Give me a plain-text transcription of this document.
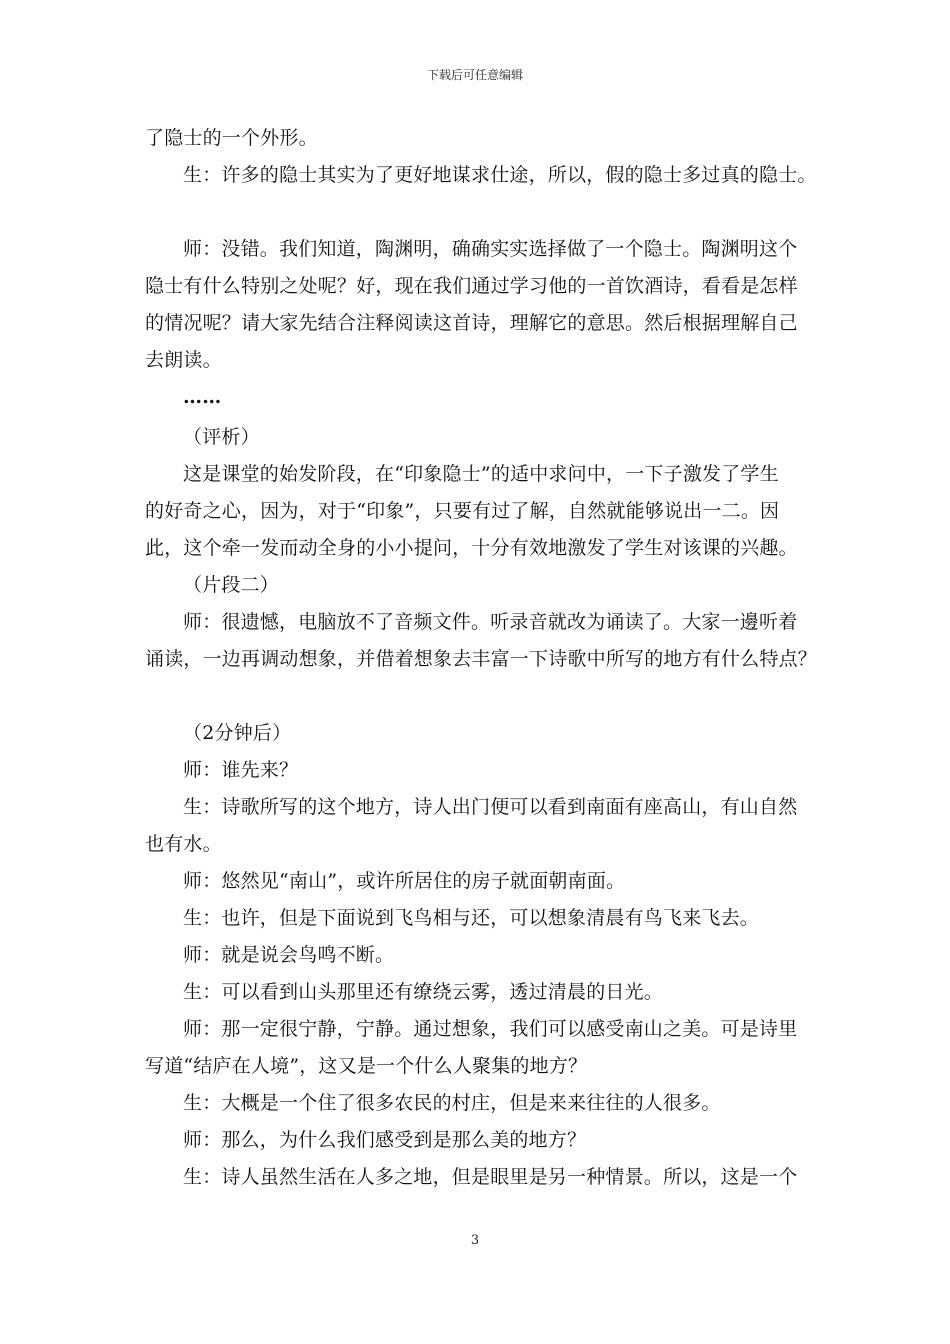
下载后可任意编辑
了隐士的一个外形。
生：许多的隐士其实为了更好地谋求仕途，所以，假的隐士多过真的隐士。
师：没错。我们知道，陶渊明，确确实实选择做了一个隐士。陶渊明这个
隐士有什么特别之处呢？好，现在我们通过学习他的一首饮酒诗，看看是怎样
的情况呢？请大家先结合注释阅读这首诗，理解它的意思。然后根据理解自己
去朗读。
……
（评析）
这是课堂的始发阶段，在“印象隐士”的适中求问中，一下子激发了学生
的好奇之心，因为，对于“印象”，只要有过了解，自然就能够说出一二。因
此，这个牵一发而动全身的小小提问，十分有效地激发了学生对该课的兴趣。
（片段二）
师：很遗憾，电脑放不了音频文件。听录音就改为诵读了。大家一邊听着
诵读，一边再调动想象，并借着想象去丰富一下诗歌中所写的地方有什么特点？
（2分钟后）
师：谁先来？
生：诗歌所写的这个地方，诗人出门便可以看到南面有座高山，有山自然
也有水。
师：悠然见“南山”，或许所居住的房子就面朝南面。
生：也许，但是下面说到飞鸟相与还，可以想象清晨有鸟飞来飞去。
师：就是说会鸟鸣不断。
生：可以看到山头那里还有缭绕云雾，透过清晨的日光。
师：那一定很宁静，宁静。通过想象，我们可以感受南山之美。可是诗里
写道“结庐在人境”，这又是一个什么人聚集的地方？
生：大概是一个住了很多农民的村庄，但是来来往往的人很多。
师：那么，为什么我们感受到是那么美的地方？
生：诗人虽然生活在人多之地，但是眼里是另一种情景。所以，这是一个
3
